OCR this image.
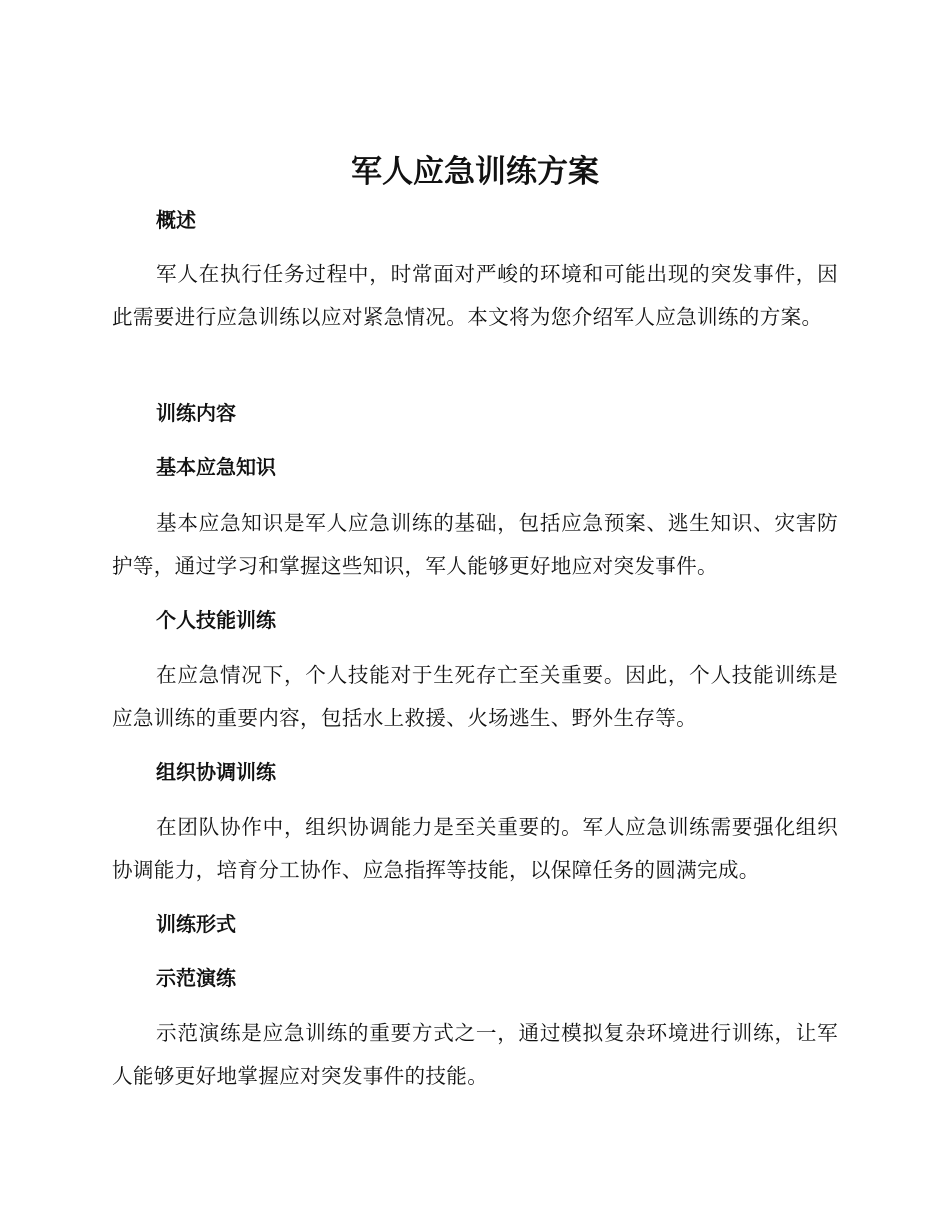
军人应急训练方案
概述

军人在执行任务过程中，时常面对严峻的环境和可能出现的突发事件，因此需要进行应急训练以应对紧急情况。本文将为您介绍军人应急训练的方案。

训练内容
基本应急知识

基本应急知识是军人应急训练的基础，包括应急预案、逃生知识、灾害防护等，通过学习和掌握这些知识，军人能够更好地应对突发事件。

个人技能训练

在应急情况下，个人技能对于生死存亡至关重要。因此，个人技能训练是应急训练的重要内容，包括水上救援、火场逃生、野外生存等。

组织协调训练

在团队协作中，组织协调能力是至关重要的。军人应急训练需要强化组织协调能力，培育分工协作、应急指挥等技能，以保障任务的圆满完成。

训练形式
示范演练

示范演练是应急训练的重要方式之一，通过模拟复杂环境进行训练，让军人能够更好地掌握应对突发事件的技能。
